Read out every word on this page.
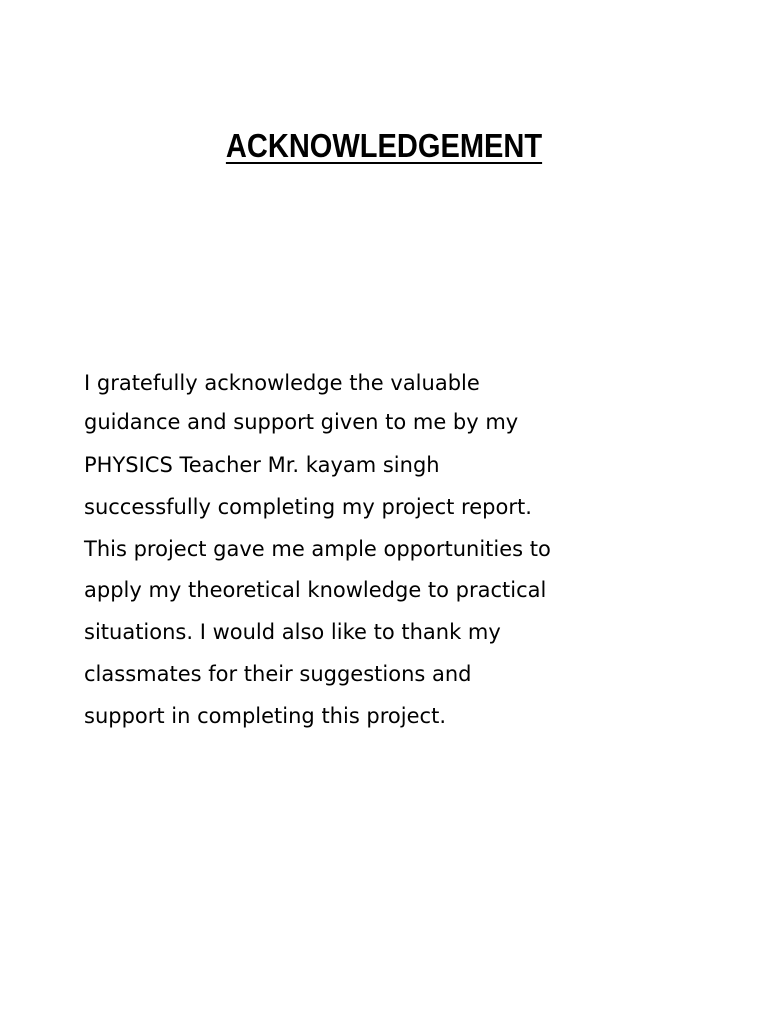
ACKNOWLEDGEMENT

I gratefully acknowledge the valuable

guidance and support given to me by my

PHYSICS Teacher Mr. kayam singh

successfully completing my project report.

This project gave me ample opportunities to

apply my theoretical knowledge to practical

situations. I would also like to thank my

classmates for their suggestions and

support in completing this project.
